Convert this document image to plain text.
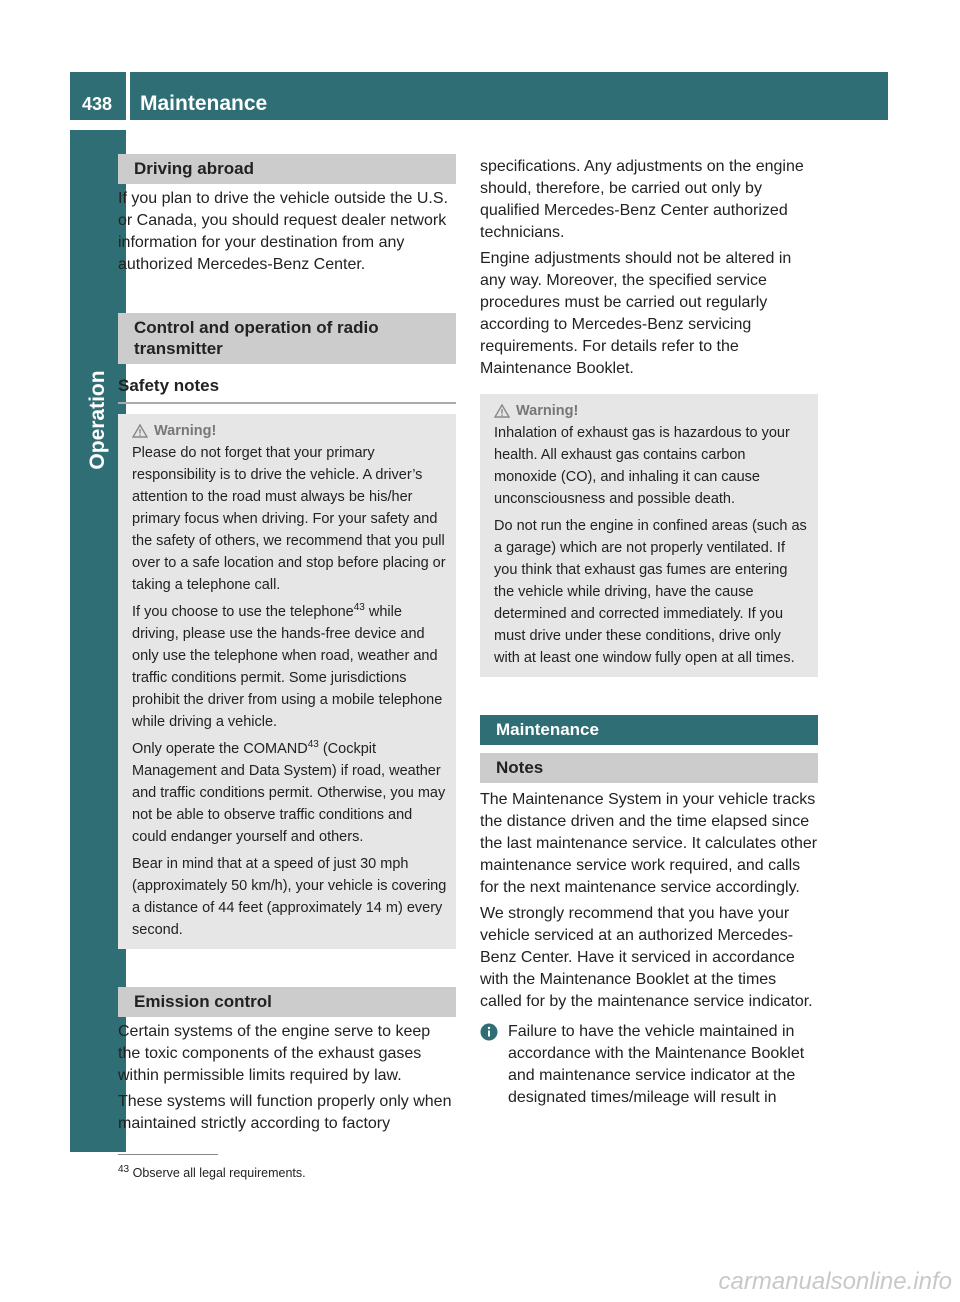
438 Maintenance
Operation
Driving abroad

If you plan to drive the vehicle outside the U.S. or Canada, you should request dealer network information for your destination from any authorized Mercedes-Benz Center.

Control and operation of radio transmitter
Safety notes
Warning!

Please do not forget that your primary responsibility is to drive the vehicle. A driver’s attention to the road must always be his/her primary focus when driving. For your safety and the safety of others, we recommend that you pull over to a safe location and stop before placing or taking a telephone call.

If you choose to use the telephone$^{43}$ while driving, please use the hands-free device and only use the telephone when road, weather and traffic conditions permit. Some jurisdictions prohibit the driver from using a mobile telephone while driving a vehicle.

Only operate the COMAND$^{43}$ (Cockpit Management and Data System) if road, weather and traffic conditions permit. Otherwise, you may not be able to observe traffic conditions and could endanger yourself and others.

Bear in mind that at a speed of just 30 mph (approximately 50 km/h), your vehicle is covering a distance of 44 feet (approximately 14 m) every second.

Emission control

Certain systems of the engine serve to keep the toxic components of the exhaust gases within permissible limits required by law.

These systems will function properly only when maintained strictly according to factory

specifications. Any adjustments on the engine should, therefore, be carried out only by qualified Mercedes-Benz Center authorized technicians.

Engine adjustments should not be altered in any way. Moreover, the specified service procedures must be carried out regularly according to Mercedes-Benz servicing requirements. For details refer to the Maintenance Booklet.

Warning!

Inhalation of exhaust gas is hazardous to your health. All exhaust gas contains carbon monoxide (CO), and inhaling it can cause unconsciousness and possible death.

Do not run the engine in confined areas (such as a garage) which are not properly ventilated. If you think that exhaust gas fumes are entering the vehicle while driving, have the cause determined and corrected immediately. If you must drive under these conditions, drive only with at least one window fully open at all times.

Maintenance
Notes

The Maintenance System in your vehicle tracks the distance driven and the time elapsed since the last maintenance service. It calculates other maintenance service work required, and calls for the next maintenance service accordingly.

We strongly recommend that you have your vehicle serviced at an authorized Mercedes-Benz Center. Have it serviced in accordance with the Maintenance Booklet at the times called for by the maintenance service indicator.

Failure to have the vehicle maintained in accordance with the Maintenance Booklet and maintenance service indicator at the designated times/mileage will result in

$^{43}$ Observe all legal requirements.
carmanualsonline.info
